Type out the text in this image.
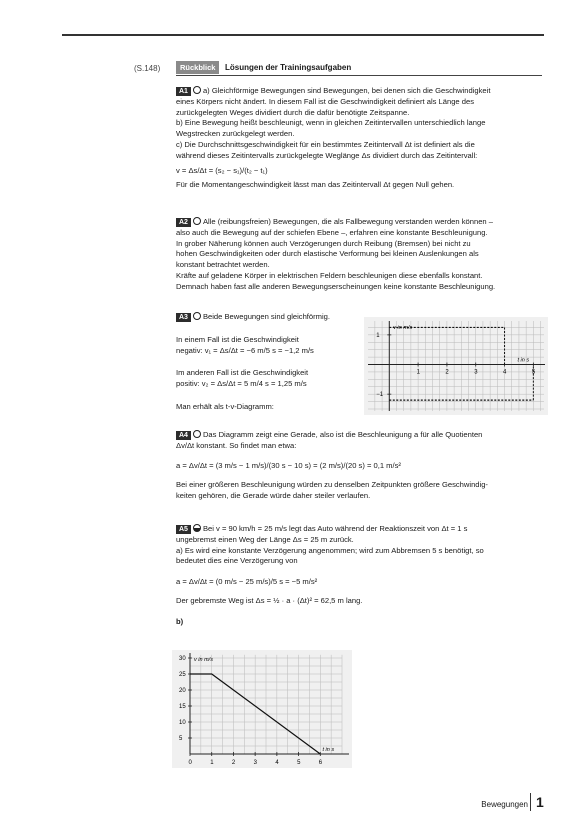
(S.148)	Rückblick	Lösungen der Trainingsaufgaben
A1 a) Gleichförmige Bewegungen sind Bewegungen, bei denen sich die Geschwindigkeit
eines Körpers nicht ändert. In diesem Fall ist die Geschwindigkeit definiert als Länge des
zurückgelegten Weges dividiert durch die dafür benötigte Zeitspanne.
b) Eine Bewegung heißt beschleunigt, wenn in gleichen Zeitintervallen unterschiedlich lange
Wegstrecken zurückgelegt werden.
c) Die Durchschnittsgeschwindigkeit für ein bestimmtes Zeitintervall Δt ist definiert als die
während dieses Zeitintervalls zurückgelegte Weglänge Δs dividiert durch das Zeitintervall:
v = Δs/Δt = (s₂ − s₁)/(t₂ − t₁)
Für die Momentangeschwindigkeit lässt man das Zeitintervall Δt gegen Null gehen.
A2 Alle (reibungsfreien) Bewegungen, die als Fallbewegung verstanden werden können –
also auch die Bewegung auf der schiefen Ebene –, erfahren eine konstante Beschleunigung.
In grober Näherung können auch Verzögerungen durch Reibung (Bremsen) bei nicht zu
hohen Geschwindigkeiten oder durch elastische Verformung bei kleinen Auslenkungen als
konstant betrachtet werden.
Kräfte auf geladene Körper in elektrischen Feldern beschleunigen diese ebenfalls konstant.
Demnach haben fast alle anderen Bewegungserscheinungen keine konstante Beschleunigung.
A3 Beide Bewegungen sind gleichförmig.
In einem Fall ist die Geschwindigkeit
negativ: v₁ = Δs/Δt = −6 m/5 s = −1,2 m/s
Im anderen Fall ist die Geschwindigkeit
positiv: v₂ = Δs/Δt = 5 m/4 s = 1,25 m/s
Man erhält als t-v-Diagramm:
v in m/s
t in s
1	2	3	4	5
1
−1
A4 Das Diagramm zeigt eine Gerade, also ist die Beschleunigung a für alle Quotienten
Δv/Δt konstant. So findet man etwa:
a = Δv/Δt = (3 m/s − 1 m/s)/(30 s − 10 s) = (2 m/s)/(20 s) = 0,1 m/s²
Bei einer größeren Beschleunigung würden zu denselben Zeitpunkten größere Geschwindig-
keiten gehören, die Gerade würde daher steiler verlaufen.
A5 Bei v = 90 km/h = 25 m/s legt das Auto während der Reaktionszeit von Δt = 1 s
ungebremst einen Weg der Länge Δs = 25 m zurück.
a) Es wird eine konstante Verzögerung angenommen; wird zum Abbremsen 5 s benötigt, so
bedeutet dies eine Verzögerung von
a = Δv/Δt = (0 m/s − 25 m/s)/5 s = −5 m/s²
Der gebremste Weg ist Δs = ½ · a · (Δt)² = 62,5 m lang.
b)
v in m/s
t in s
0	1	2	3	4	5	6
5
10
15
20
25
30
Bewegungen 1
